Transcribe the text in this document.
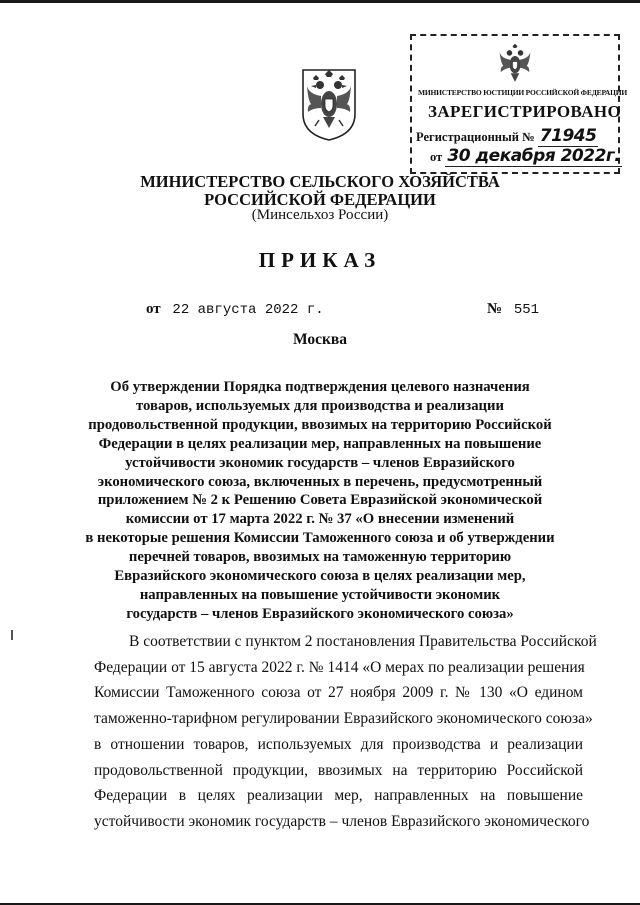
МИНИСТЕРСТВО ЮСТИЦИИ РОССИЙСКОЙ ФЕДЕРАЦИИ
ЗАРЕГИСТРИРОВАНО
Регистрационный № 71945
от 30 декабря 2022г.
МИНИСТЕРСТВО СЕЛЬСКОГО ХОЗЯЙСТВА
РОССИЙСКОЙ ФЕДЕРАЦИИ
(Минсельхоз России)
ПРИКАЗ
от 22 августа 2022 г.	№ 551
Москва
Об утверждении Порядка подтверждения целевого назначения
товаров, используемых для производства и реализации
продовольственной продукции, ввозимых на территорию Российской
Федерации в целях реализации мер, направленных на повышение
устойчивости экономик государств – членов Евразийского
экономического союза, включенных в перечень, предусмотренный
приложением № 2 к Решению Совета Евразийской экономической
комиссии от 17 марта 2022 г. № 37 «О внесении изменений
в некоторые решения Комиссии Таможенного союза и об утверждении
перечней товаров, ввозимых на таможенную территорию
Евразийского экономического союза в целях реализации мер,
направленных на повышение устойчивости экономик
государств – членов Евразийского экономического союза»
В соответствии с пунктом 2 постановления Правительства Российской
Федерации от 15 августа 2022 г. № 1414 «О мерах по реализации решения
Комиссии Таможенного союза от 27 ноября 2009 г. № 130 «О едином
таможенно-тарифном регулировании Евразийского экономического союза»
в отношении товаров, используемых для производства и реализации
продовольственной продукции, ввозимых на территорию Российской
Федерации в целях реализации мер, направленных на повышение
устойчивости экономик государств – членов Евразийского экономического
